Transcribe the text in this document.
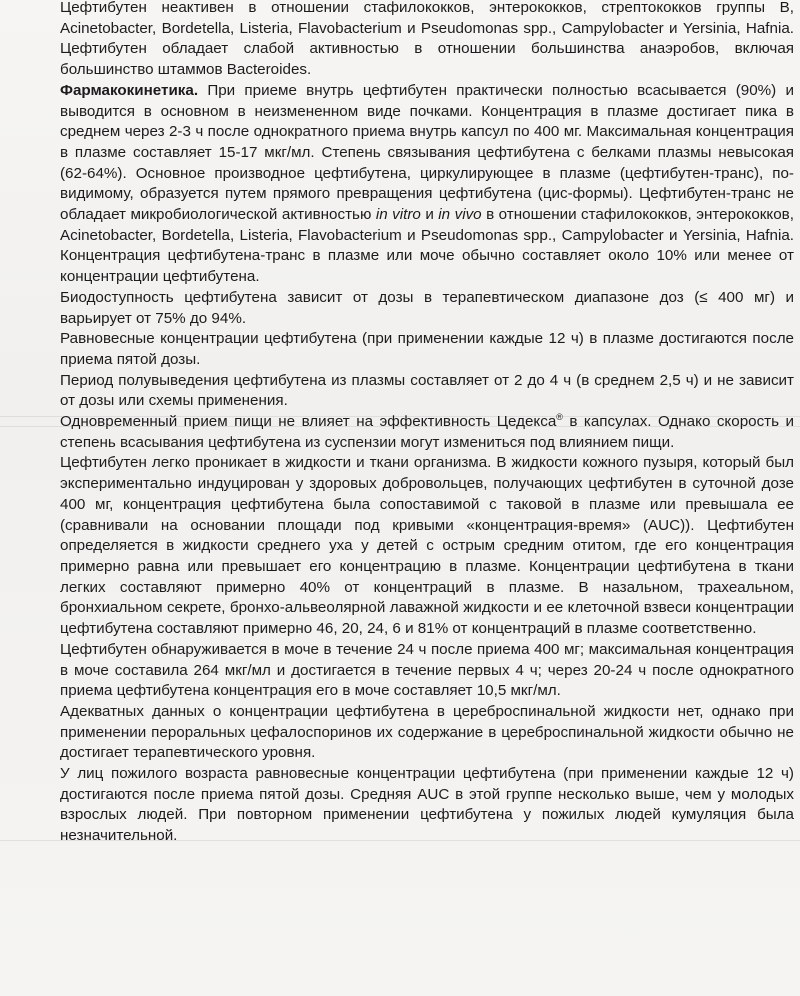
Цефтибутен неактивен в отношении стафилококков, энтерококков, стрептококков группы В, Acinetobacter, Bordetella, Listeria, Flavobacterium и Pseudomonas spp., Campylobacter и Yersinia, Hafnia. Цефтибутен обладает слабой активностью в отношении большинства анаэробов, включая большинство штаммов Bacteroides.

Фармакокинетика. При приеме внутрь цефтибутен практически полностью всасывается (90%) и выводится в основном в неизмененном виде почками. Концентрация в плазме достигает пика в среднем через 2-3 ч после однократного приема внутрь капсул по 400 мг. Максимальная концентрация в плазме составляет 15-17 мкг/мл. Степень связывания цефтибутена с белками плазмы невысокая (62-64%). Основное производное цефтибутена, циркулирующее в плазме (цефтибутен-транс), по-видимому, образуется путем прямого превращения цефтибутена (цис-формы). Цефтибутен-транс не обладает микробиологической активностью in vitro и in vivo в отношении стафилококков, энтерококков, Acinetobacter, Bordetella, Listeria, Flavobacterium и Pseudomonas spp., Campylobacter и Yersinia, Hafnia. Концентрация цефтибутена-транс в плазме или моче обычно составляет около 10% или менее от концентрации цефтибутена.

Биодоступность цефтибутена зависит от дозы в терапевтическом диапазоне доз (≤ 400 мг) и варьирует от 75% до 94%.

Равновесные концентрации цефтибутена (при применении каждые 12 ч) в плазме достигаются после приема пятой дозы.

Период полувыведения цефтибутена из плазмы составляет от 2 до 4 ч (в среднем 2,5 ч) и не зависит от дозы или схемы применения.

Одновременный прием пищи не влияет на эффективность Цедекса® в капсулах. Однако скорость и степень всасывания цефтибутена из суспензии могут измениться под влиянием пищи.

Цефтибутен легко проникает в жидкости и ткани организма. В жидкости кожного пузыря, который был экспериментально индуцирован у здоровых добровольцев, получающих цефтибутен в суточной дозе 400 мг, концентрация цефтибутена была сопоставимой с таковой в плазме или превышала ее (сравнивали на основании площади под кривыми «концентрация-время» (AUC)). Цефтибутен определяется в жидкости среднего уха у детей с острым средним отитом, где его концентрация примерно равна или превышает его концентрацию в плазме. Концентрации цефтибутена в ткани легких составляют примерно 40% от концентраций в плазме. В назальном, трахеальном, бронхиальном секрете, бронхо-альвеолярной лаважной жидкости и ее клеточной взвеси концентрации цефтибутена составляют примерно 46, 20, 24, 6 и 81% от концентраций в плазме соответственно.

Цефтибутен обнаруживается в моче в течение 24 ч после приема 400 мг; максимальная концентрация в моче составила 264 мкг/мл и достигается в течение первых 4 ч; через 20-24 ч после однократного приема цефтибутена концентрация его в моче составляет 10,5 мкг/мл.

Адекватных данных о концентрации цефтибутена в цереброспинальной жидкости нет, однако при применении пероральных цефалоспоринов их содержание в цереброспинальной жидкости обычно не достигает терапевтического уровня.

У лиц пожилого возраста равновесные концентрации цефтибутена (при применении каждые 12 ч) достигаются после приема пятой дозы. Средняя AUC в этой группе несколько выше, чем у молодых взрослых людей. При повторном применении цефтибутена у пожилых людей кумуляция была незначительной.
